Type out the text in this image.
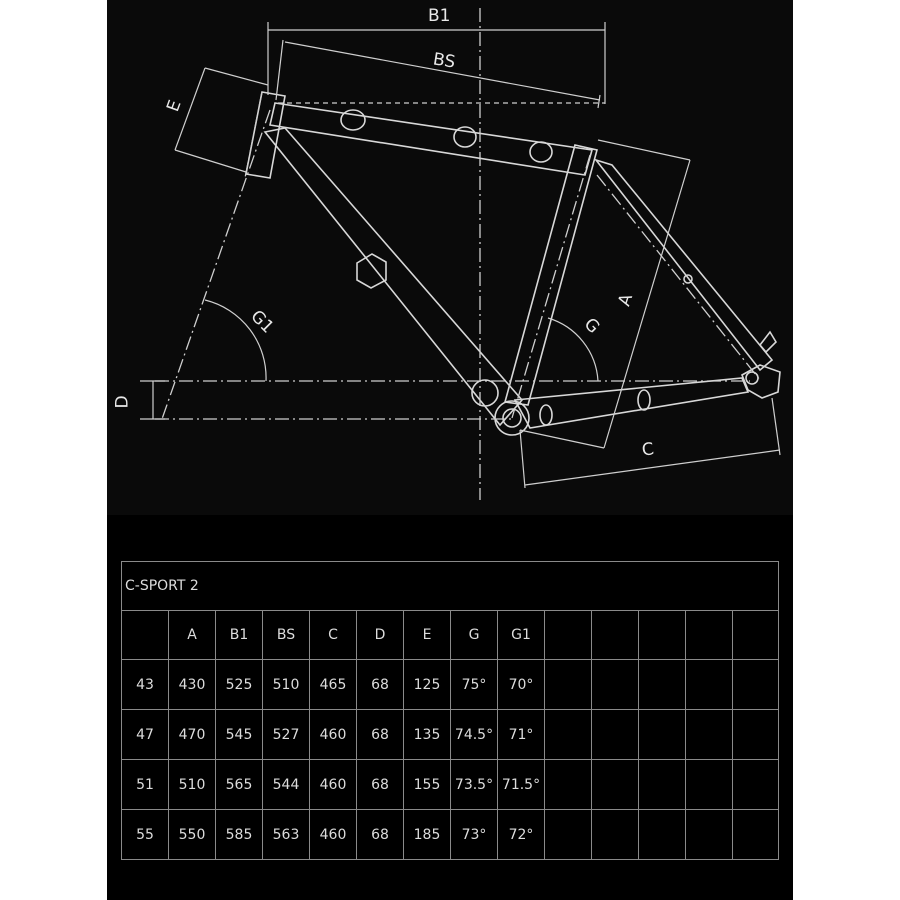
B1
BS
E
G1	G
A
D
C
C-SPORT 2													
	A	B1	BS	C	D	E	G	G1					
43	430	525	510	465	68	125	75°	70°					
47	470	545	527	460	68	135	74.5°	71°					
51	510	565	544	460	68	155	73.5°	71.5°					
55	550	585	563	460	68	185	73°	72°					
